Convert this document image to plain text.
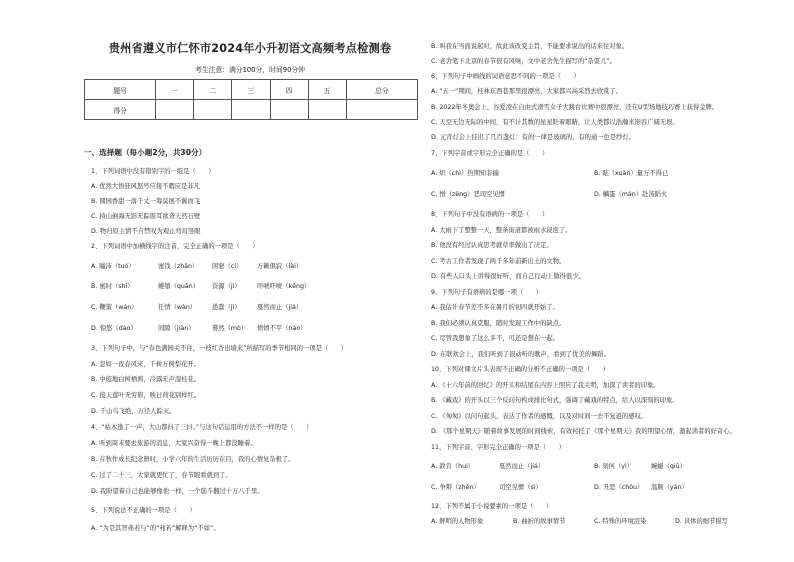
贵州省遵义市仁怀市2024年小升初语文高频考点检测卷
考生注意：满分100分，时间90分钟
题号	一	二	三	四	五	总分
得分						
一、选择题（每小题2分，共30分）
1、下列词语中没有错别字的一组是（　　）
A. 优然大悟狂风怒号应接不暇应是非凡
B. 圆园香甜一落千丈一筹莫展不翼而飞
C. 持山倒海无影无踪震耳欲聋天然石壁
D. 物归原主情不自禁叹为观止弯眉竖眼
2、下列词语中加横线字的注音，完全正确的一项是（　　）
A. 瞳沛（tuó）	蜜饯（zhān） 困窘（cí） 万籁俱寂（lài）
B. 蜜时（shí）	蜷缩（quān） 资源（jì）	吓唬吓唬（kēng）
C. 鞭策（wán）	任情（wàn）	愚蠢（jì）	戛然而止（jiá）
D. 惊悠（dào）	间隙（jiàn）	蓦然（mò） 愤愤不平（nào）
3、下列句子中，与“春色满园关不住，一枝红杏出墙来”所描写的季节相同的一项是（　　）
A. 忽如一夜春风来，千树万树梨花开。
B. 中庭地白树栖鸦，冷露无声湿桂花。
C. 接天莲叶无穷碧，映日荷花别样红。
D. 千山鸟飞绝，万径人踪灭。
4、“枯木逢了一声，大山都抖了三抖。”与这句话运用的方法不一样的是（　　）
A. 听到周末要去旅游的消息，大家兴奋得一晚上都没睡着。
B. 在秋作成长纪念册时，小学六年的生活历历在目，我的心情复杂极了。
C. 过了二十三，大家就更忙了，春节眼看就到了。
D. 我盼望着自己也能够像他一样，一个筋斗翻过十万八千里。
5、下列说法不正确的一项是（　　）
A. “为是其智弗若与”的“弗若”解释为“不如”。
B. 叫我在当面说起时，故此该改变主旨，不能要求说出的话来往对象。
C. 老舍笔下北京的春节很有风味，文中老舍先生描写的“杂耍儿”。
6、下列句子中画线的词语意思不同的一项是（　　）
A. “五一”期间，桂林东西巷那里很漂亮，大家都兴高采烈去欣赏了。
B. 2022年冬奥会上，谷爱凌在自由式滑雪女子大跳台比赛中很漂亮，还在U型场地技巧赛上获得金牌。
C. 天空无边无际的中间，有不计其数的星星眨着眼睛，让人类都以浩瀚来形容广阔无垠。
D. 元宵灯会上挂出了几百盏灯：有的一律是玻璃的，有的通一色是纱灯。
7、下列字音或字形完全正确的是（　　）
A. 炽（chì）热期知非揣	B. 眩（xuàn）量万不得已
C. 憎（zēng）恶司空见惯	D. 麟蛋（mán）赴汤蹈火
8、下列句子中没有语病的一项是（　　）
A. 大雨下了整整一天，整条街道都被雨水浸泡了。
B. 他没有经过认真思考就草率做出了决定。
C. 考古工作者发现了两千多年前新出土的文物。
D. 有些人口头上讲得很好听，而自己行动上做得很少。
9、下列句子有语病的是哪一项（　　）
A. 我估计春节差不多在暑月的初四就开始了。
B. 我们必须认真克服，随时发现工作中的缺点。
C. 尽管我想象了这么多不，可还是想在一起。
D. 在联欢会上，我们听到了很动听的歌声，看到了优美的舞蹈。
10、下列对课文片头表现不正确的分析不正确的一项是（　　）
A. 《十六年前的回忆》的开头和结尾在内容上照应了我关明，加深了读者的印象。
B. 《藏戏》的开头以三个反问句构成排比句式，强调了藏戏的特点，给人以深刻的印象。
C. 《匆匆》以问句起头，表达了作者的感慨，以及对时间一去不复返的感叹。
D. 《那个星期天》随着故事发展的时间线索，有效衬托了《那个星期天》我的期望心情，激起读者的好奇心。
11、下列字音、字形完全正确的一项是（　　）
A. 敦肯（hui）	戛然而止（jiá）	B. 刻何（yì）	蜿蜒（qiū）
C. 争辩（zhēn）	司空见惯（sì）	D. 丑恶（chǒu） 温顺（yán）
12、下列不属于小说要素的一项是（　　）
A. 鲜明的人物形象	B. 曲折的故事情节	C. 特殊的环境渲染	D. 具体的细节描写
